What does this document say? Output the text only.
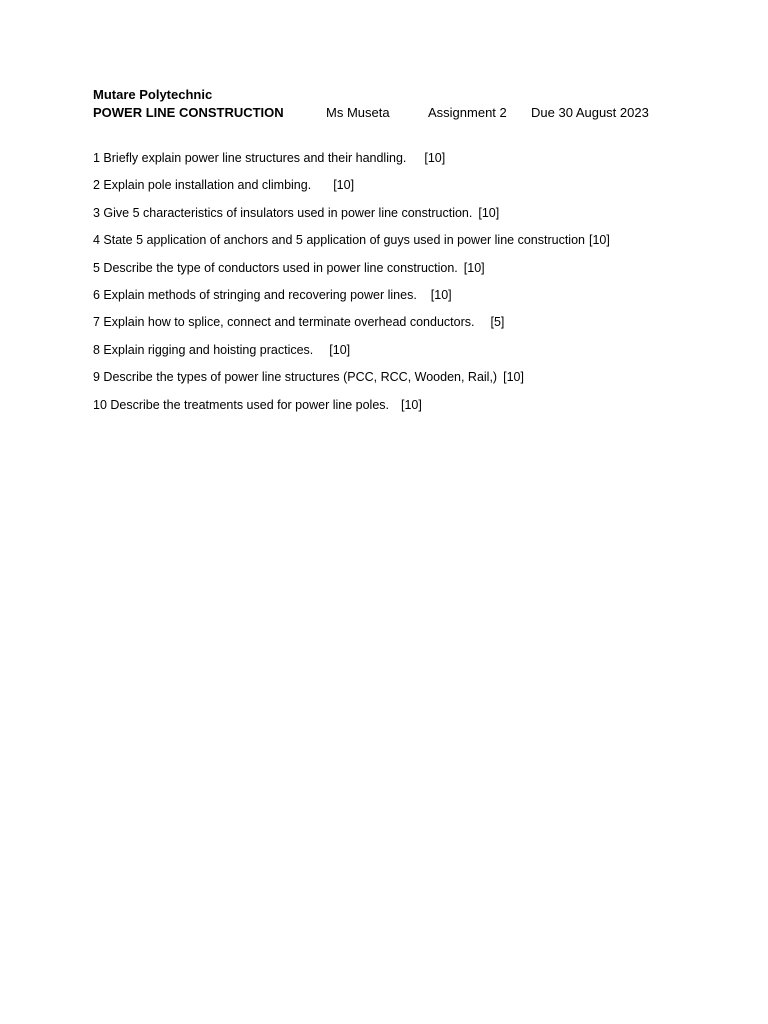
Mutare Polytechnic
POWER LINE CONSTRUCTION	Ms Museta	Assignment 2 Due 30 August 2023
1 Briefly explain power line structures and their handling. [10]
2 Explain pole installation and climbing. [10]
3 Give 5 characteristics of insulators used in power line construction. [10]
4 State 5 application of anchors and 5 application of guys used in power line construction [10]
5 Describe the type of conductors used in power line construction. [10]
6 Explain methods of stringing and recovering power lines. [10]
7 Explain how to splice, connect and terminate overhead conductors. [5]
8 Explain rigging and hoisting practices. [10]
9 Describe the types of power line structures (PCC, RCC, Wooden, Rail,) [10]
10 Describe the treatments used for power line poles. [10]
